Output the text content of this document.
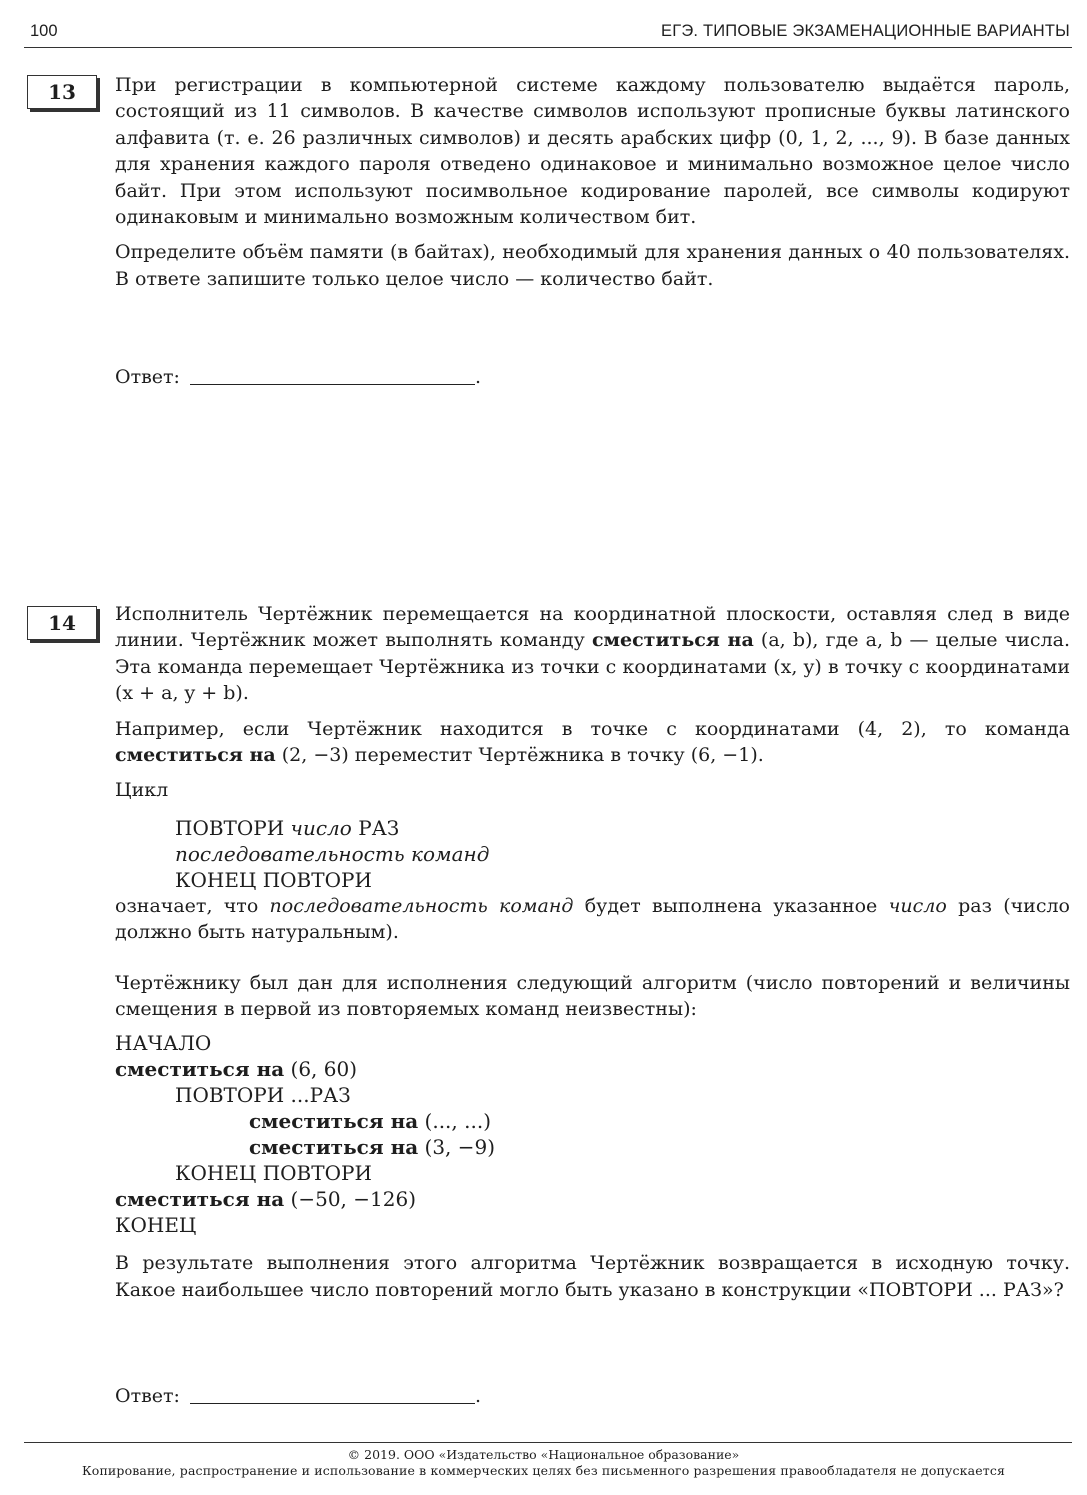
100	ЕГЭ. ТИПОВЫЕ ЭКЗАМЕНАЦИОННЫЕ ВАРИАНТЫ
13	При регистрации в компьютерной системе каждому пользователю выдаётся пароль, состоящий из 11 символов. В качестве символов используют прописные буквы латинского алфавита (т. е. 26 различных символов) и десять арабских цифр (0, 1, 2, ..., 9). В базе данных для хранения каждого пароля отведено одинаковое и минимально возможное целое число байт. При этом используют посимвольное кодирование паролей, все символы кодируют одинаковым и минимально возможным количеством бит.

Определите объём памяти (в байтах), необходимый для хранения данных о 40 пользователях. В ответе запишите только целое число — количество байт.

Ответ:	.
14	Исполнитель Чертёжник перемещается на координатной плоскости, оставляя след в виде линии. Чертёжник может выполнять команду сместиться на (a, b), где a, b — целые числа. Эта команда перемещает Чертёжника из точки с координатами (x, y) в точку с координатами (x + a, y + b).

Например, если Чертёжник находится в точке с координатами (4, 2), то команда сместиться на (2, −3) переместит Чертёжника в точку (6, −1).

Цикл

ПОВТОРИ число РАЗ
последовательность команд
КОНЕЦ ПОВТОРИ

означает, что последовательность команд будет выполнена указанное число раз (число должно быть натуральным).

Чертёжнику был дан для исполнения следующий алгоритм (число повторений и величины смещения в первой из повторяемых команд неизвестны):

НАЧАЛО
сместиться на (6, 60)
ПОВТОРИ ...РАЗ
сместиться на (..., ...)
сместиться на (3, −9)
КОНЕЦ ПОВТОРИ
сместиться на (−50, −126)
КОНЕЦ

В результате выполнения этого алгоритма Чертёжник возвращается в исходную точку. Какое наибольшее число повторений могло быть указано в конструкции «ПОВТОРИ ... РАЗ»?

Ответ:	.
© 2019. ООО «Издательство «Национальное образование»
Копирование, распространение и использование в коммерческих целях без письменного разрешения правообладателя не допускается
